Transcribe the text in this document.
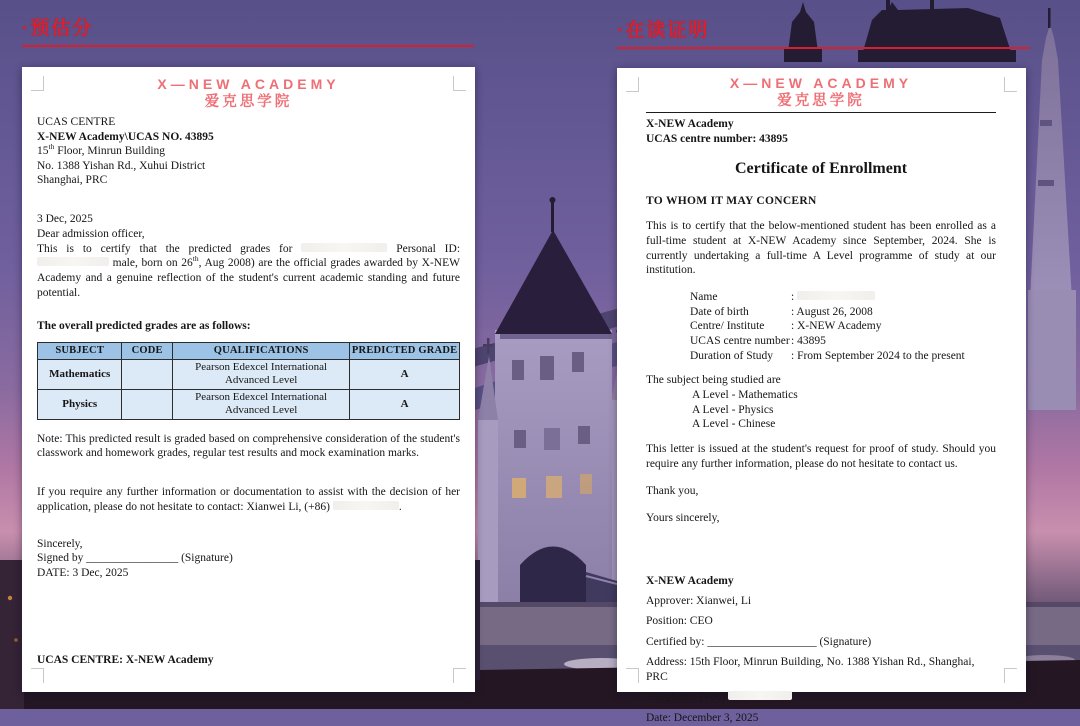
·预估分	·在读证明
X—NEW ACADEMY
爱克思学院
UCAS CENTRE
X-NEW Academy\UCAS NO. 43895
15th Floor, Minrun Building
No. 1388 Yishan Rd., Xuhui District
Shanghai, PRC
3 Dec, 2025
Dear admission officer,

This is to certify that the predicted grades for	Personal ID:  male, born on 26th, Aug 2008) are the official grades awarded by X-NEW Academy and a genuine reflection of the student's current academic standing and future potential.

The overall predicted grades are as follows:
SUBJECT	CODE	QUALIFICATIONS	PREDICTED GRADE
Mathematics		Pearson Edexcel International Advanced Level	A
Physics		Pearson Edexcel International Advanced Level	A

Note: This predicted result is graded based on comprehensive consideration of the student's classwork and homework grades, regular test results and mock examination marks.

If you require any further information or documentation to assist with the decision of her application, please do not hesitate to contact: Xianwei Li, (+86)	.

Sincerely,
Signed by ________________ (Signature)
DATE: 3 Dec, 2025
UCAS CENTRE: X-NEW Academy
X—NEW ACADEMY
爱克思学院
X-NEW Academy
UCAS centre number: 43895
Certificate of Enrollment
TO WHOM IT MAY CONCERN

This is to certify that the below-mentioned student has been enrolled as a full-time student at X-NEW Academy since September, 2024. She is currently undertaking a full-time A Level programme of study at our institution.

Name	:
Date of birth	: August 26, 2008
Centre/ Institute : X-NEW Academy
UCAS centre number: 43895
Duration of Study : From September 2024 to the present
The subject being studied are
A Level - Mathematics
A Level - Physics
A Level - Chinese

This letter is issued at the student's request for proof of study. Should you require any further information, please do not hesitate to contact us.

Thank you,
Yours sincerely,
X-NEW Academy
Approver: Xianwei, Li
Position: CEO
Certified by: ___________________ (Signature)
Address: 15th Floor, Minrun Building, No. 1388 Yishan Rd., Shanghai, PRC
Telephone: (+86)
Date: December 3, 2025
